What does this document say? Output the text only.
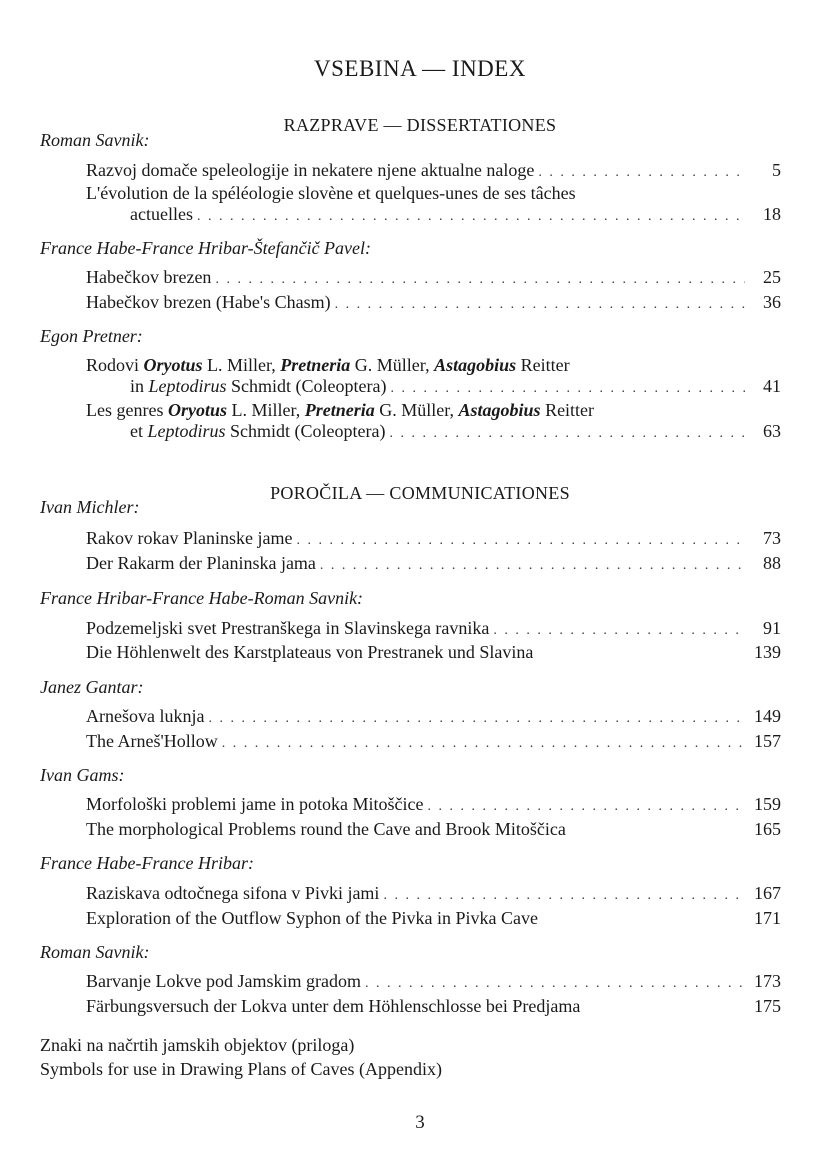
VSEBINA — INDEX
RAZPRAVE — DISSERTATIONES
Roman Savnik:
Razvoj domače speleologije in nekatere njene aktualne naloge . . .	5
L'évolution de la spéléologie slovène et quelques-unes de ses tâches
actuelles . . .	18
France Habe-France Hribar-Štefančič Pavel:
Habečkov brezen . . .	25
Habečkov brezen (Habe's Chasm) . . .	36
Egon Pretner:
Rodovi Oryotus L. Miller, Pretneria G. Müller, Astagobius Reitter
in Leptodirus Schmidt (Coleoptera) . . .	41
Les genres Oryotus L. Miller, Pretneria G. Müller, Astagobius Reitter
et Leptodirus Schmidt (Coleoptera) . . .	63
POROČILA — COMMUNICATIONES
Ivan Michler:
Rakov rokav Planinske jame . . .	73
Der Rakarm der Planinska jama . . .	88
France Hribar-France Habe-Roman Savnik:
Podzemeljski svet Prestranškega in Slavinskega ravnika . . .	91
Die Höhlenwelt des Karstplateaus von Prestranek und Slavina	139
Janez Gantar:
Arnešova luknja . . .	149
The Arneš'Hollow . . .	157
Ivan Gams:
Morfološki problemi jame in potoka Mitoščice . . .	159
The morphological Problems round the Cave and Brook Mitoščica	165
France Habe-France Hribar:
Raziskava odtočnega sifona v Pivki jami . . .	167
Exploration of the Outflow Syphon of the Pivka in Pivka Cave	171
Roman Savnik:
Barvanje Lokve pod Jamskim gradom . . .	173
Färbungsversuch der Lokva unter dem Höhlenschlosse bei Predjama	175
Znaki na načrtih jamskih objektov (priloga)
Symbols for use in Drawing Plans of Caves (Appendix)
3
